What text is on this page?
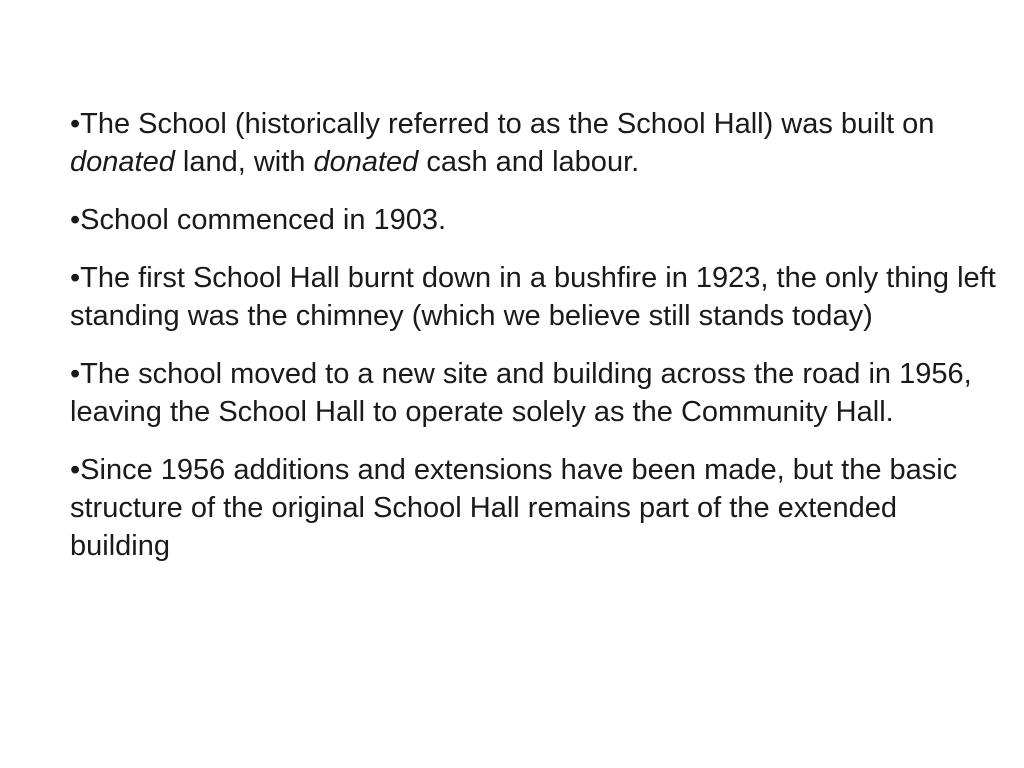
•The School (historically referred to as the School Hall) was built on donated land, with donated cash and labour.

•School commenced in 1903.

•The first School Hall burnt down in a bushfire in 1923, the only thing left standing was the chimney (which we believe still stands today)

•The school moved to a new site and building across the road in 1956, leaving the School Hall to operate solely as the Community Hall.

•Since 1956 additions and extensions have been made, but the basic structure of the original School Hall remains part of the extended building
